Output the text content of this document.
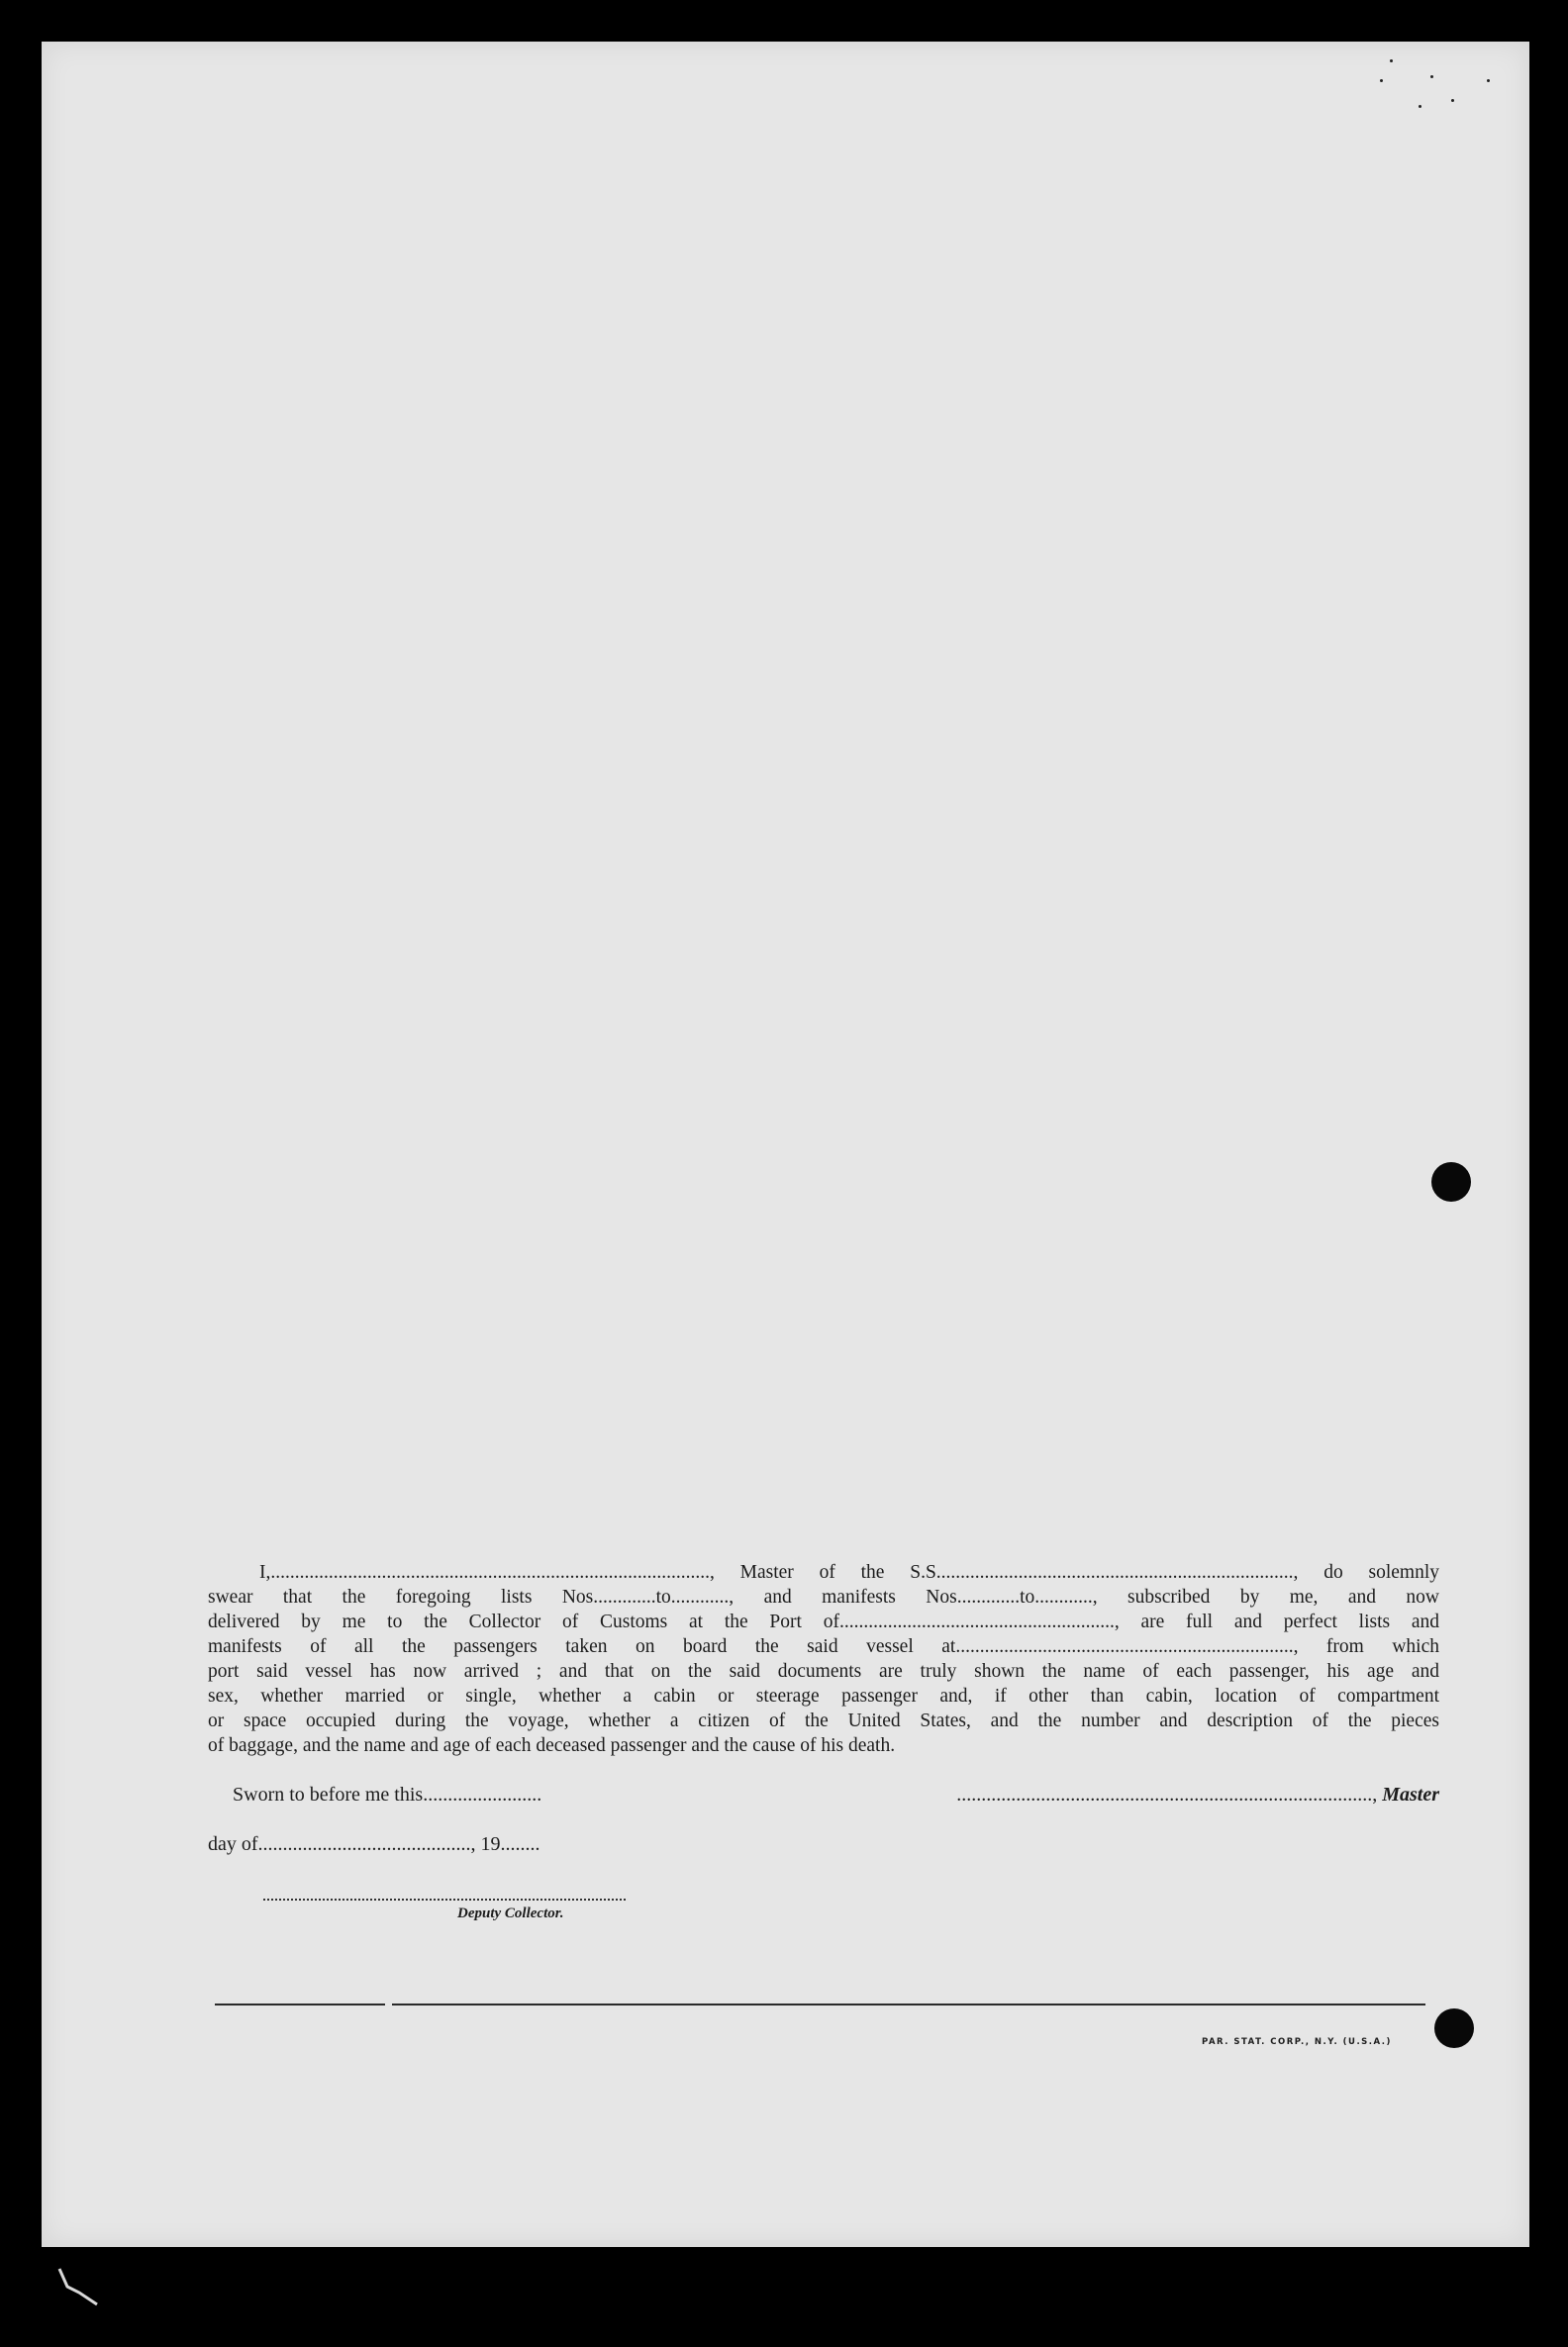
I,..........................................................................................., Master of the S.S.........................................................................., do solemnly
swear that the foregoing lists Nos.............to............, and manifests Nos.............to............, subscribed by me, and now
delivered by me to the Collector of Customs at the Port of........................................................., are full and perfect lists and
manifests of all the passengers taken on board the said vessel at......................................................................, from which
port said vessel has now arrived ; and that on the said documents are truly shown the name of each passenger, his age and
sex, whether married or single, whether a cabin or steerage passenger and, if other than cabin, location of compartment
or space occupied during the voyage, whether a citizen of the United States, and the number and description of the pieces
of baggage, and the name and age of each deceased passenger and the cause of his death.
Sworn to before me this........................	...................................................................................., Master
day of..........................................., 19........
Deputy Collector.
PAR. STAT. CORP., N.Y. (U.S.A.)
